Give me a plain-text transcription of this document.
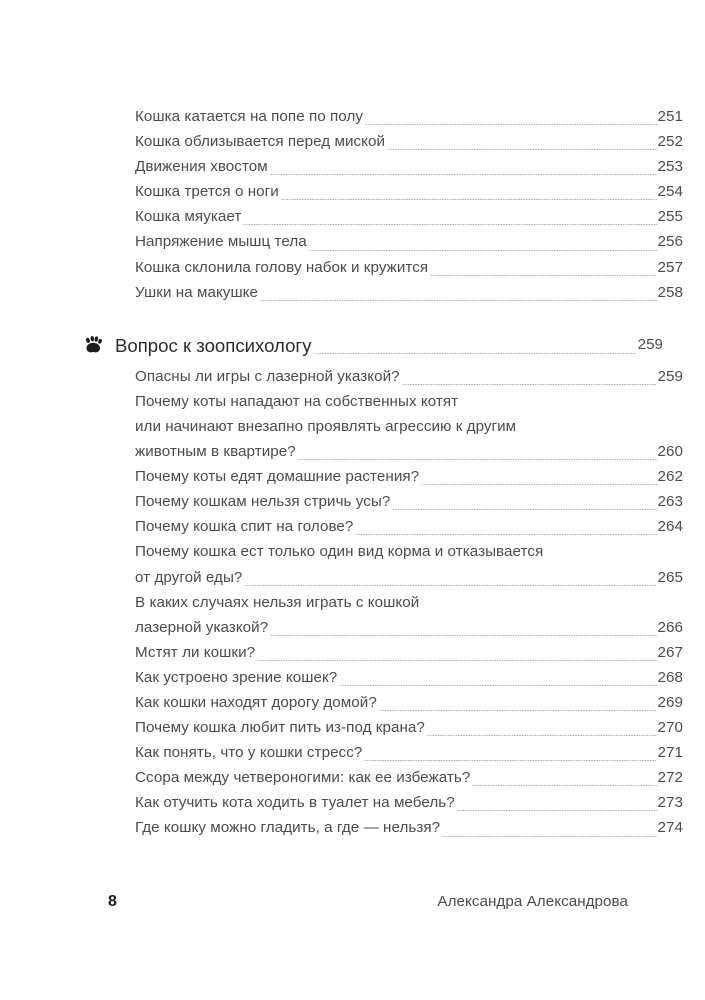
Кошка катается на попе по полу	251
Кошка облизывается перед миской	252
Движения хвостом	253
Кошка трется о ноги	254
Кошка мяукает	255
Напряжение мышц тела	256
Кошка склонила голову набок и кружится	257
Ушки на макушке	258
Вопрос к зоопсихологу	259
Опасны ли игры с лазерной указкой?	259
Почему коты нападают на собственных котят
или начинают внезапно проявлять агрессию к другим
животным в квартире?	260
Почему коты едят домашние растения?	262
Почему кошкам нельзя стричь усы?	263
Почему кошка спит на голове?	264
Почему кошка ест только один вид корма и отказывается
от другой еды?	265
В каких случаях нельзя играть с кошкой
лазерной указкой?	266
Мстят ли кошки?	267
Как устроено зрение кошек?	268
Как кошки находят дорогу домой?	269
Почему кошка любит пить из-под крана?	270
Как понять, что у кошки стресс?	271
Ссора между четвероногими: как ее избежать?	272
Как отучить кота ходить в туалет на мебель?	273
Где кошку можно гладить, а где — нельзя?	274
8	Александра Александрова
